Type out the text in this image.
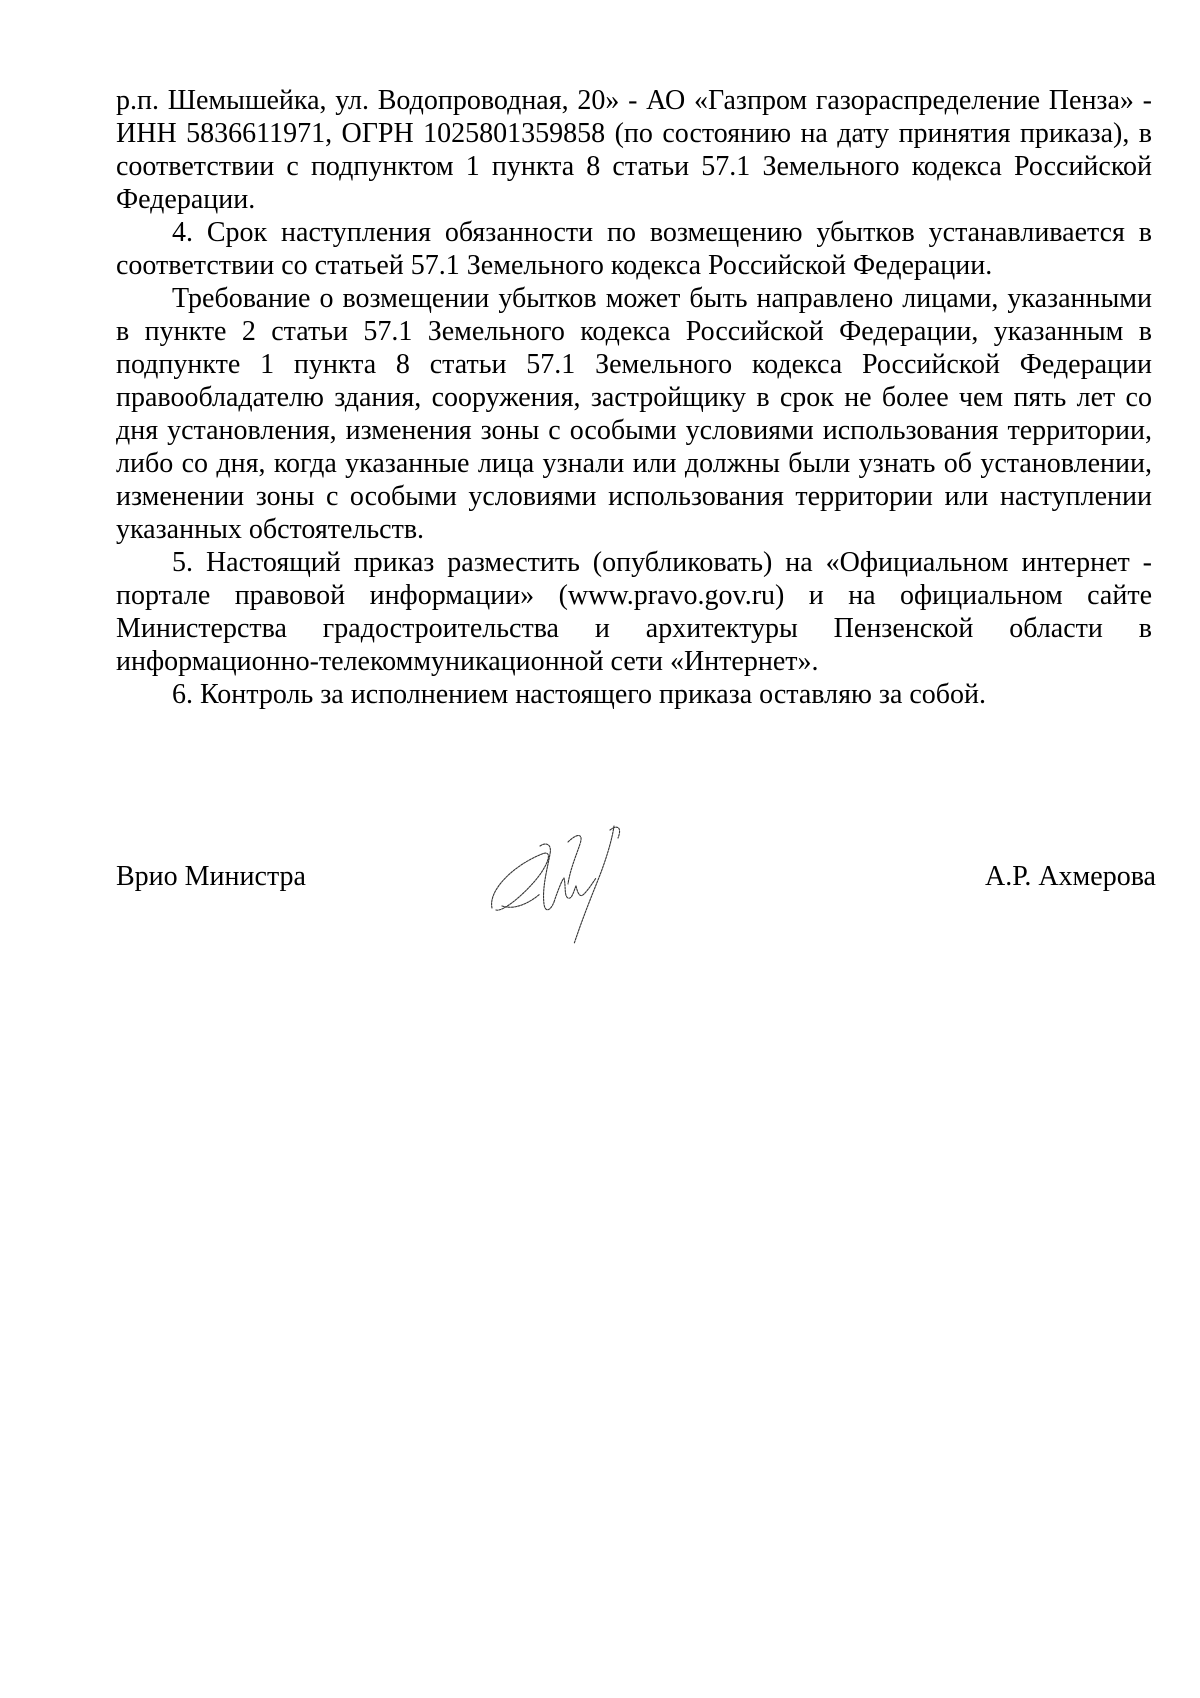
р.п. Шемышейка, ул. Водопроводная, 20» - АО «Газпром газораспределение Пенза» - ИНН 5836611971, ОГРН 1025801359858 (по состоянию на дату принятия приказа), в соответствии с подпунктом 1 пункта 8 статьи 57.1 Земельного кодекса Российской Федерации.

4. Срок наступления обязанности по возмещению убытков устанавливается в соответствии со статьей 57.1 Земельного кодекса Российской Федерации.

Требование о возмещении убытков может быть направлено лицами, указанными в пункте 2 статьи 57.1 Земельного кодекса Российской Федерации, указанным в подпункте 1 пункта 8 статьи 57.1 Земельного кодекса Российской Федерации правообладателю здания, сооружения, застройщику в срок не более чем пять лет со дня установления, изменения зоны с особыми условиями использования территории, либо со дня, когда указанные лица узнали или должны были узнать об установлении, изменении зоны с особыми условиями использования территории или наступлении указанных обстоятельств.

5. Настоящий приказ разместить (опубликовать) на «Официальном интернет - портале правовой информации» (www.pravo.gov.ru) и на официальном сайте Министерства градостроительства и архитектуры Пензенской области в информационно-телекоммуникационной сети «Интернет».

6. Контроль за исполнением настоящего приказа оставляю за собой.

Врио Министра	А.Р. Ахмерова
